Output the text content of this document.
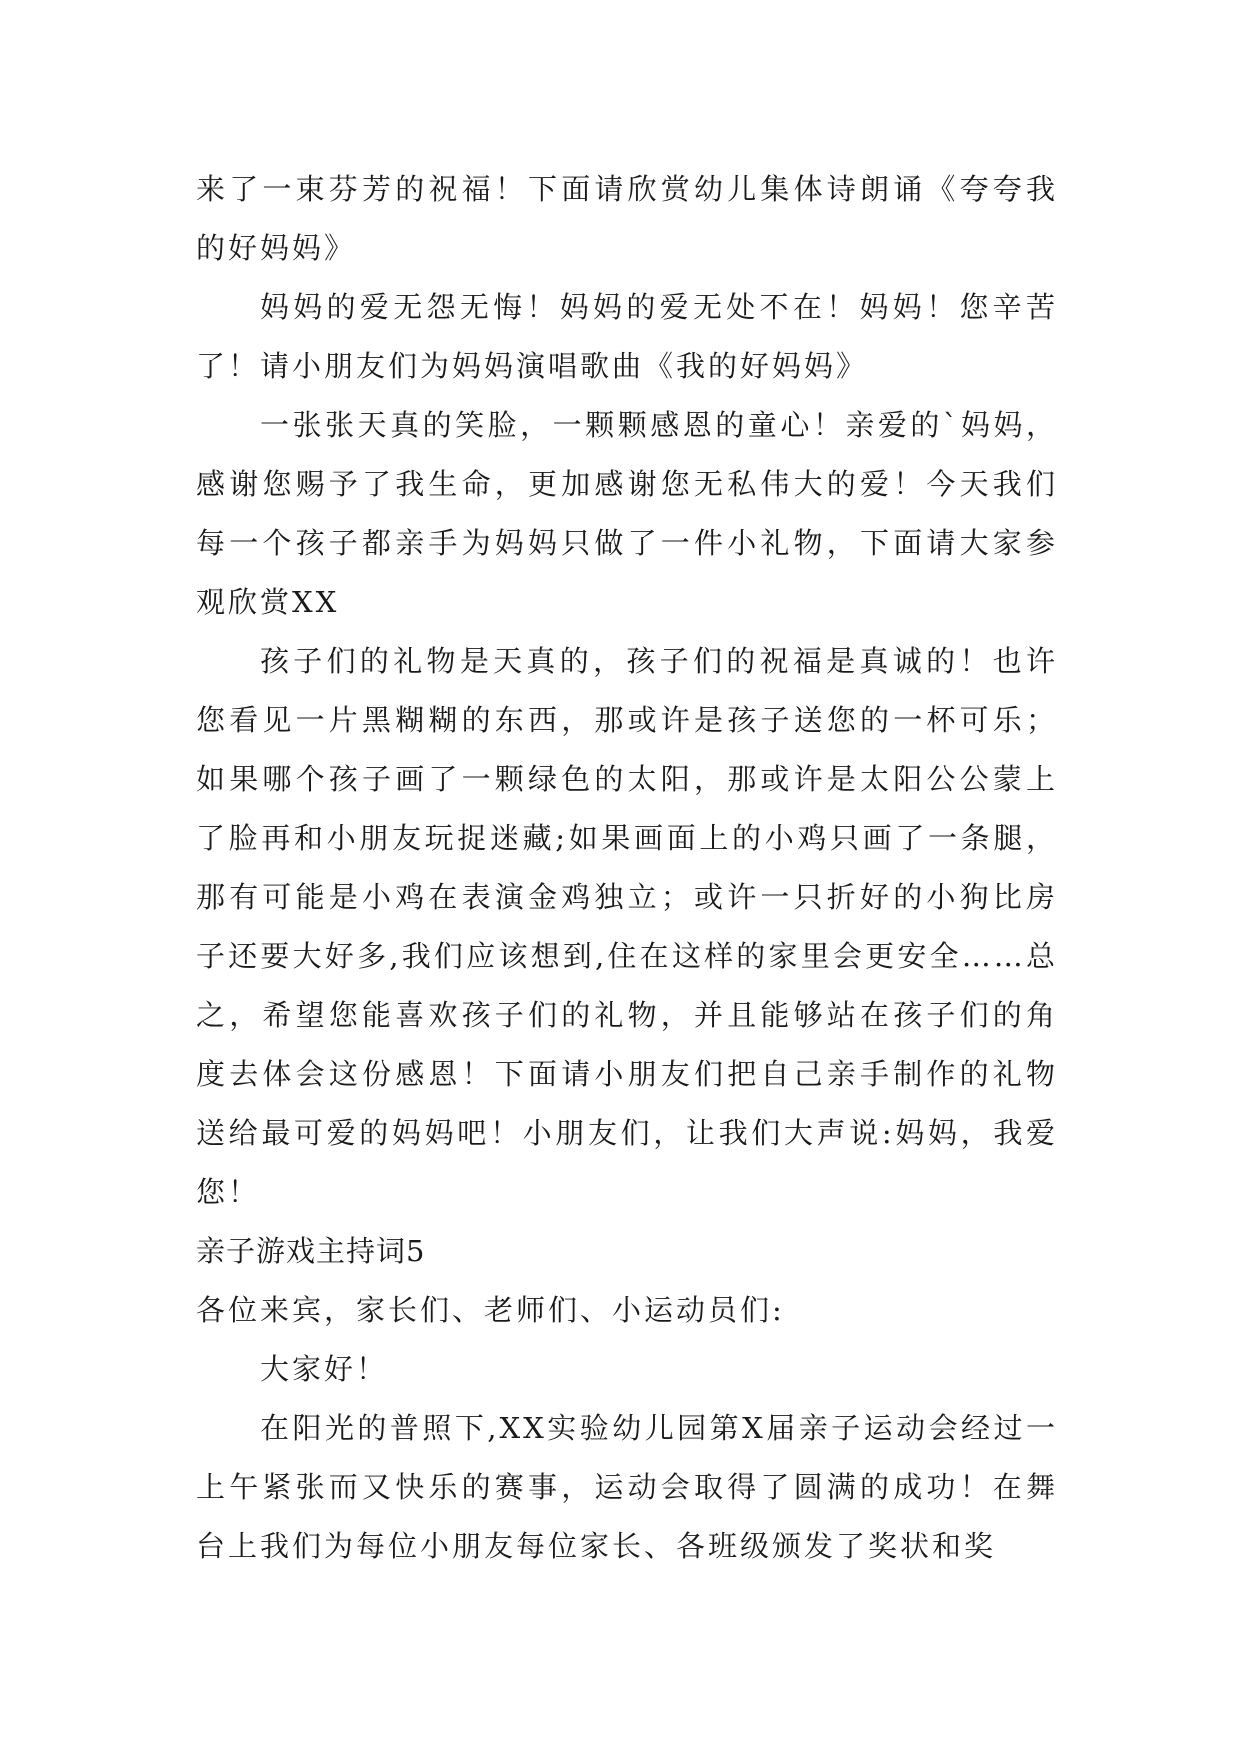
来了一束芬芳的祝福！下面请欣赏幼儿集体诗朗诵《夸夸我的好妈妈》

妈妈的爱无怨无悔！妈妈的爱无处不在！妈妈！您辛苦了！请小朋友们为妈妈演唱歌曲《我的好妈妈》

一张张天真的笑脸，一颗颗感恩的童心！亲爱的`妈妈，感谢您赐予了我生命，更加感谢您无私伟大的爱！今天我们每一个孩子都亲手为妈妈只做了一件小礼物，下面请大家参观欣赏XX

孩子们的礼物是天真的，孩子们的祝福是真诚的！也许您看见一片黑糊糊的东西，那或许是孩子送您的一杯可乐；如果哪个孩子画了一颗绿色的太阳，那或许是太阳公公蒙上了脸再和小朋友玩捉迷藏;如果画面上的小鸡只画了一条腿，那有可能是小鸡在表演金鸡独立；或许一只折好的小狗比房子还要大好多,我们应该想到,住在这样的家里会更安全……总之，希望您能喜欢孩子们的礼物，并且能够站在孩子们的角度去体会这份感恩！下面请小朋友们把自己亲手制作的礼物送给最可爱的妈妈吧！小朋友们，让我们大声说:妈妈，我爱您！

亲子游戏主持词5

各位来宾，家长们、老师们、小运动员们:

大家好！

在阳光的普照下,XX实验幼儿园第X届亲子运动会经过一上午紧张而又快乐的赛事，运动会取得了圆满的成功！在舞台上我们为每位小朋友每位家长、各班级颁发了奖状和奖
